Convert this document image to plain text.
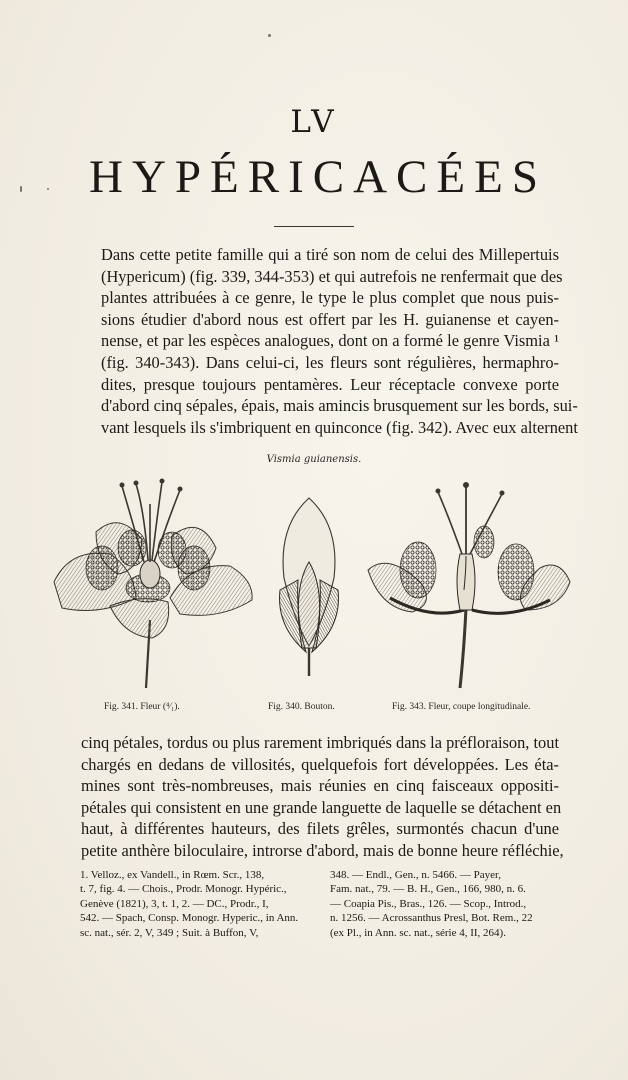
LV
HYPÉRICACÉES
Dans cette petite famille qui a tiré son nom de celui des Millepertuis
(Hypericum) (fig. 339, 344-353) et qui autrefois ne renfermait que des
plantes attribuées à ce genre, le type le plus complet que nous puis-
sions étudier d'abord nous est offert par les H. guianense et cayen-
nense, et par les espèces analogues, dont on a formé le genre Vismia ¹
(fig. 340-343). Dans celui-ci, les fleurs sont régulières, hermaphro-
dites, presque toujours pentamères. Leur réceptacle convexe porte
d'abord cinq sépales, épais, mais amincis brusquement sur les bords, sui-
vant lesquels ils s'imbriquent en quinconce (fig. 342). Avec eux alternent
Vismia guianensis.
Fig. 341. Fleur (⁴⁄₁).	Fig. 340. Bouton.	Fig. 343. Fleur, coupe longitudinale.
cinq pétales, tordus ou plus rarement imbriqués dans la préfloraison, tout
chargés en dedans de villosités, quelquefois fort développées. Les éta-
mines sont très-nombreuses, mais réunies en cinq faisceaux oppositi-
pétales qui consistent en une grande languette de laquelle se détachent en
haut, à différentes hauteurs, des filets grêles, surmontés chacun d'une
petite anthère biloculaire, introrse d'abord, mais de bonne heure réfléchie,
1. Velloz., ex Vandell., in Rœm. Scr., 138,
t. 7, fig. 4. — Chois., Prodr. Monogr. Hypéric.,
Genève (1821), 3, t. 1, 2. — DC., Prodr., I,
542. — Spach, Consp. Monogr. Hyperic., in Ann.
sc. nat., sér. 2, V, 349 ; Suit. à Buffon, V,
348. — Endl., Gen., n. 5466. — Payer,
Fam. nat., 79. — B. H., Gen., 166, 980, n. 6.
— Coapia Pis., Bras., 126. — Scop., Introd.,
n. 1256. — Acrossanthus Presl, Bot. Rem., 22
(ex Pl., in Ann. sc. nat., série 4, II, 264).
